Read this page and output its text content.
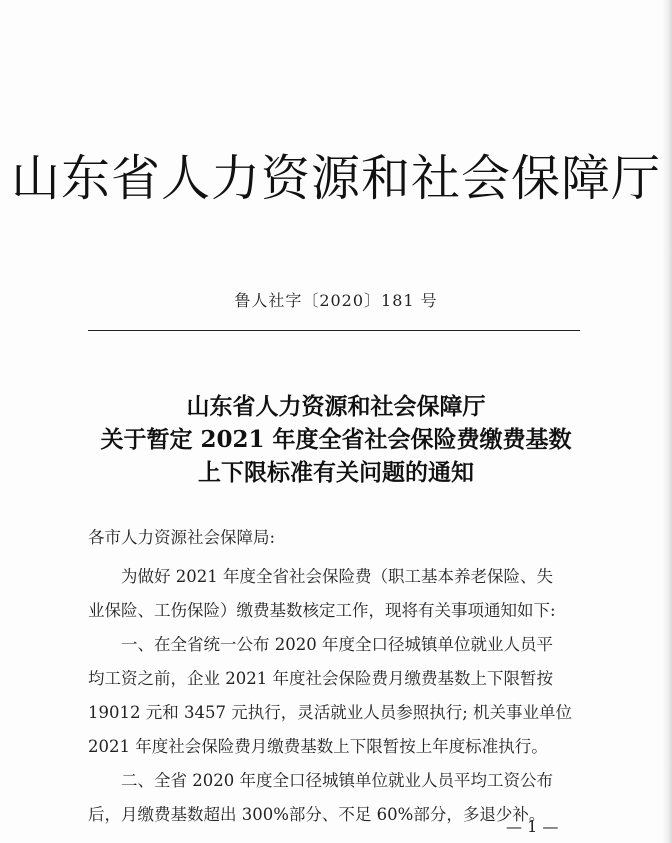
山东省人力资源和社会保障厅
鲁人社字〔2020〕181 号
山东省人力资源和社会保障厅
关于暂定 2021 年度全省社会保险费缴费基数
上下限标准有关问题的通知
各市人力资源社会保障局:
为做好 2021 年度全省社会保险费（职工基本养老保险、失
业保险、工伤保险）缴费基数核定工作，现将有关事项通知如下:
一、在全省统一公布 2020 年度全口径城镇单位就业人员平
均工资之前，企业 2021 年度社会保险费月缴费基数上下限暂按
19012 元和 3457 元执行，灵活就业人员参照执行; 机关事业单位
2021 年度社会保险费月缴费基数上下限暂按上年度标准执行。
二、全省 2020 年度全口径城镇单位就业人员平均工资公布
后，月缴费基数超出 300%部分、不足 60%部分，多退少补。
— 1 —
